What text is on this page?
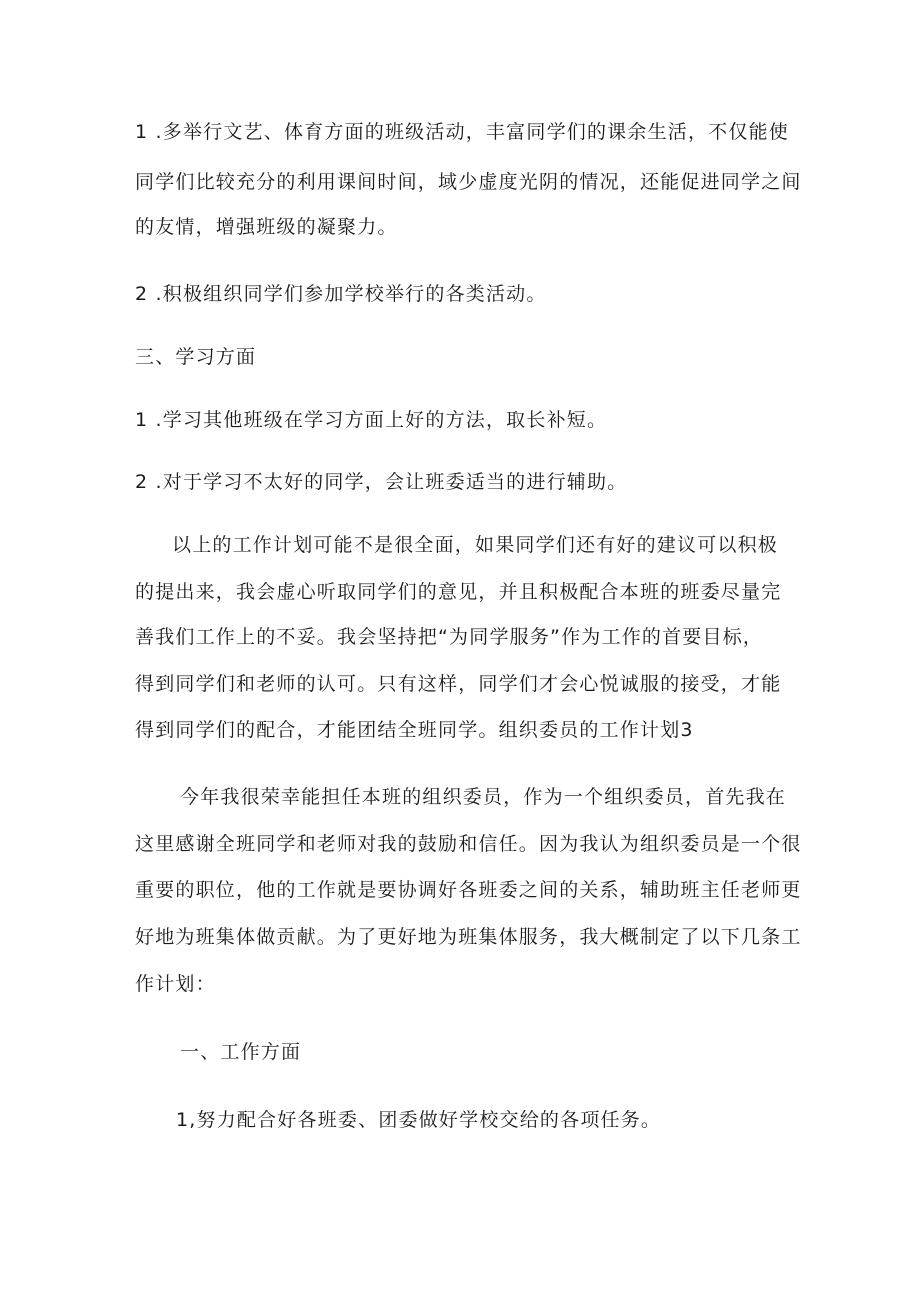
1 .多举行文艺、体育方面的班级活动，丰富同学们的课余生活，不仅能使
同学们比较充分的利用课间时间，域少虚度光阴的情况，还能促进同学之间
的友情，增强班级的凝聚力。
2 .积极组织同学们参加学校举行的各类活动。
三、学习方面
1 .学习其他班级在学习方面上好的方法，取长补短。
2 .对于学习不太好的同学，会让班委适当的进行辅助。
以上的工作计划可能不是很全面，如果同学们还有好的建议可以积极
的提出来，我会虚心听取同学们的意见，并且积极配合本班的班委尽量完
善我们工作上的不妥。我会坚持把“为同学服务”作为工作的首要目标，
得到同学们和老师的认可。只有这样，同学们才会心悦诚服的接受，才能
得到同学们的配合，才能团结全班同学。组织委员的工作计划3
今年我很荣幸能担任本班的组织委员，作为一个组织委员，首先我在
这里感谢全班同学和老师对我的鼓励和信任。因为我认为组织委员是一个很
重要的职位，他的工作就是要协调好各班委之间的关系，辅助班主任老师更
好地为班集体做贡献。为了更好地为班集体服务，我大概制定了以下几条工
作计划：
一、工作方面
1,努力配合好各班委、团委做好学校交给的各项任务。
